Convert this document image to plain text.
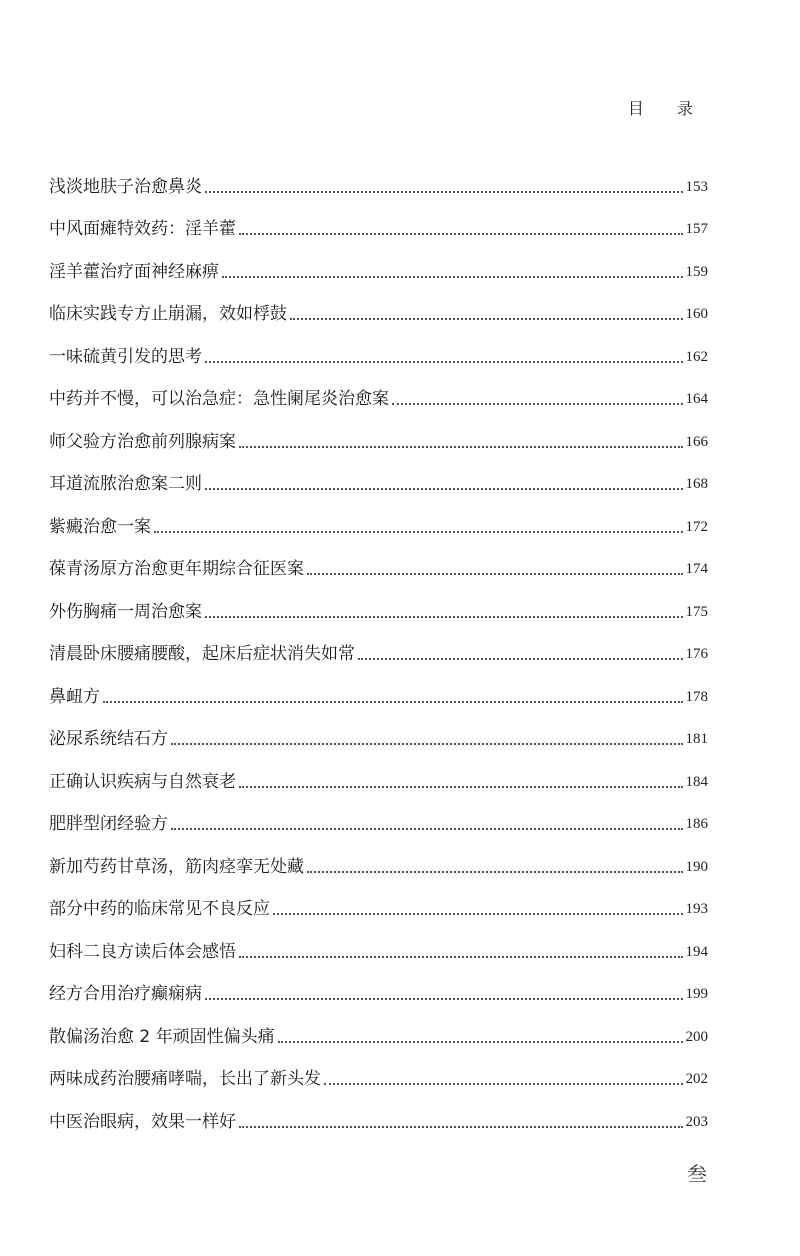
目 录
浅淡地肤子治愈鼻炎	153
中风面瘫特效药：淫羊藿	157
淫羊藿治疗面神经麻痹	159
临床实践专方止崩漏，效如桴鼓	160
一味硫黄引发的思考	162
中药并不慢，可以治急症：急性阑尾炎治愈案	164
师父验方治愈前列腺病案	166
耳道流脓治愈案二则	168
紫癜治愈一案	172
葆青汤原方治愈更年期综合征医案	174
外伤胸痛一周治愈案	175
清晨卧床腰痛腰酸，起床后症状消失如常	176
鼻衄方	178
泌尿系统结石方	181
正确认识疾病与自然衰老	184
肥胖型闭经验方	186
新加芍药甘草汤，筋肉痉挛无处藏	190
部分中药的临床常见不良反应	193
妇科二良方读后体会感悟	194
经方合用治疗癫痫病	199
散偏汤治愈 2 年顽固性偏头痛	200
两味成药治腰痛哮喘，长出了新头发	202
中医治眼病，效果一样好	203
叁
